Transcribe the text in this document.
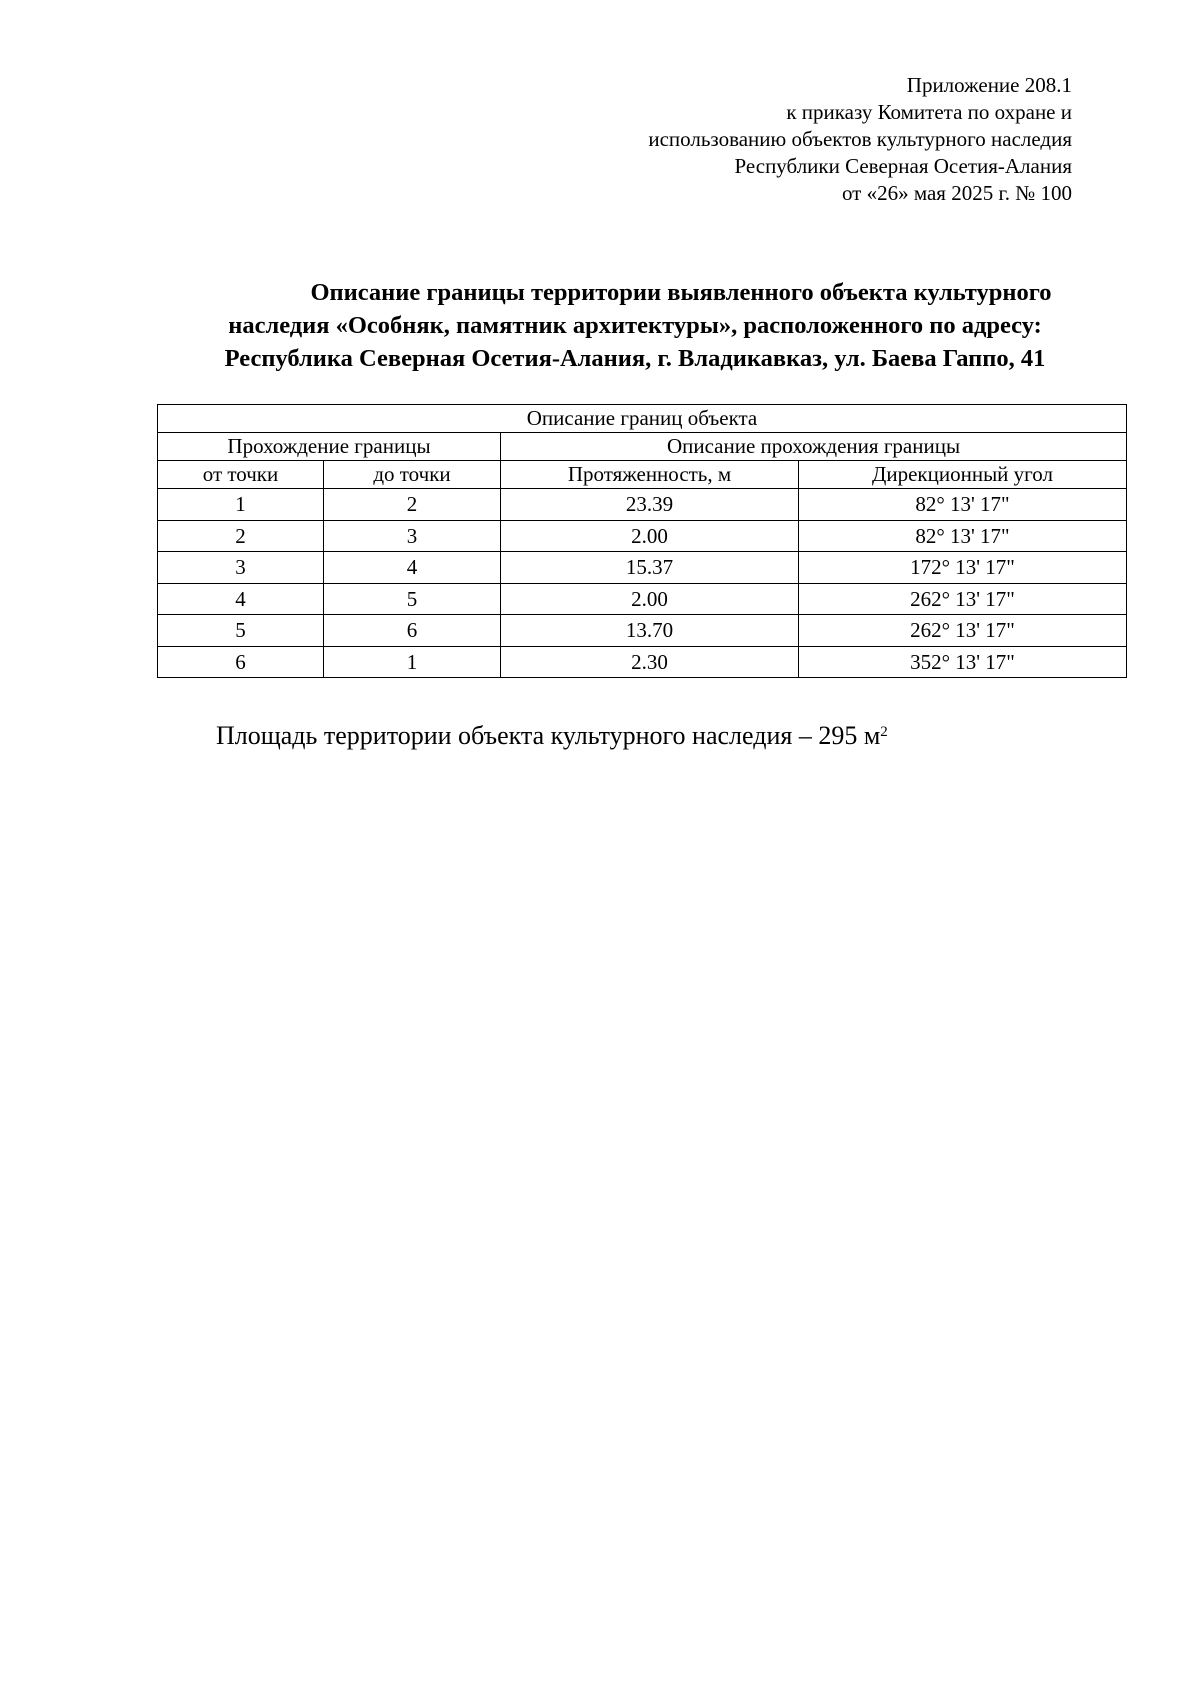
Приложение 208.1
к приказу Комитета по охране и
использованию объектов культурного наследия
Республики Северная Осетия-Алания
от «26» мая 2025 г. № 100
Описание границы территории выявленного объекта культурного
наследия «Особняк, памятник архитектуры», расположенного по адресу:
Республика Северная Осетия-Алания, г. Владикавказ, ул. Баева Гаппо, 41
Описание границ объекта			
Прохождение границы		Описание прохождения границы	
от точки	до точки	Протяженность, м	Дирекционный угол
1	2	23.39	82° 13' 17"
2	3	2.00	82° 13' 17"
3	4	15.37	172° 13' 17"
4	5	2.00	262° 13' 17"
5	6	13.70	262° 13' 17"
6	1	2.30	352° 13' 17"
Площадь территории объекта культурного наследия – 295 $м^2$
